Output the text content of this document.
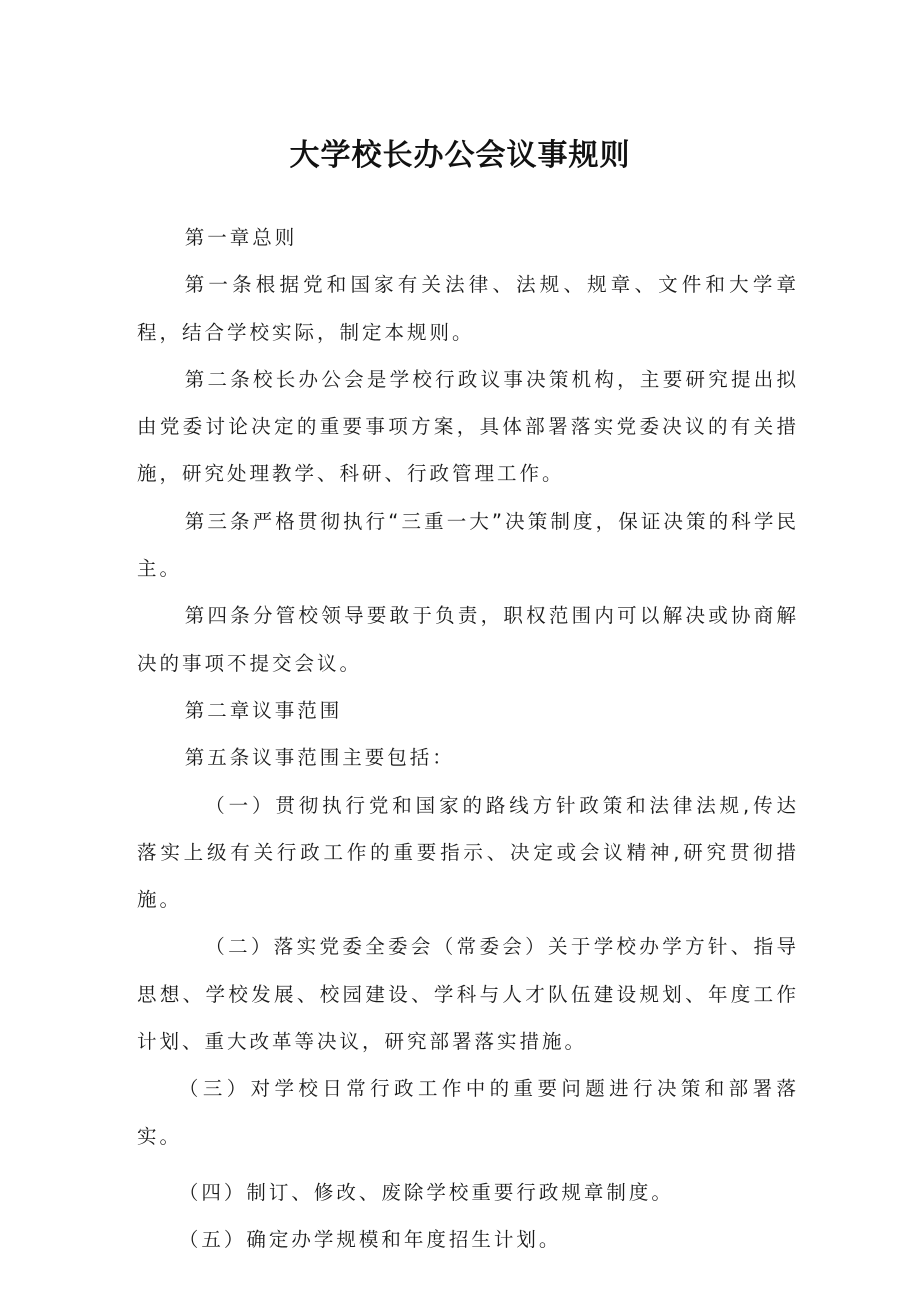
大学校长办公会议事规则

第一章总则

第一条根据党和国家有关法律、法规、规章、文件和大学章程，结合学校实际，制定本规则。

第二条校长办公会是学校行政议事决策机构，主要研究提出拟由党委讨论决定的重要事项方案，具体部署落实党委决议的有关措施，研究处理教学、科研、行政管理工作。

第三条严格贯彻执行“三重一大”决策制度，保证决策的科学民主。

第四条分管校领导要敢于负责，职权范围内可以解决或协商解决的事项不提交会议。

第二章议事范围

第五条议事范围主要包括：

（一）贯彻执行党和国家的路线方针政策和法律法规,传达落实上级有关行政工作的重要指示、决定或会议精神,研究贯彻措施。

（二）落实党委全委会（常委会）关于学校办学方针、指导思想、学校发展、校园建设、学科与人才队伍建设规划、年度工作计划、重大改革等决议，研究部署落实措施。

（三）对学校日常行政工作中的重要问题进行决策和部署落实。

（四）制订、修改、废除学校重要行政规章制度。

（五）确定办学规模和年度招生计划。
